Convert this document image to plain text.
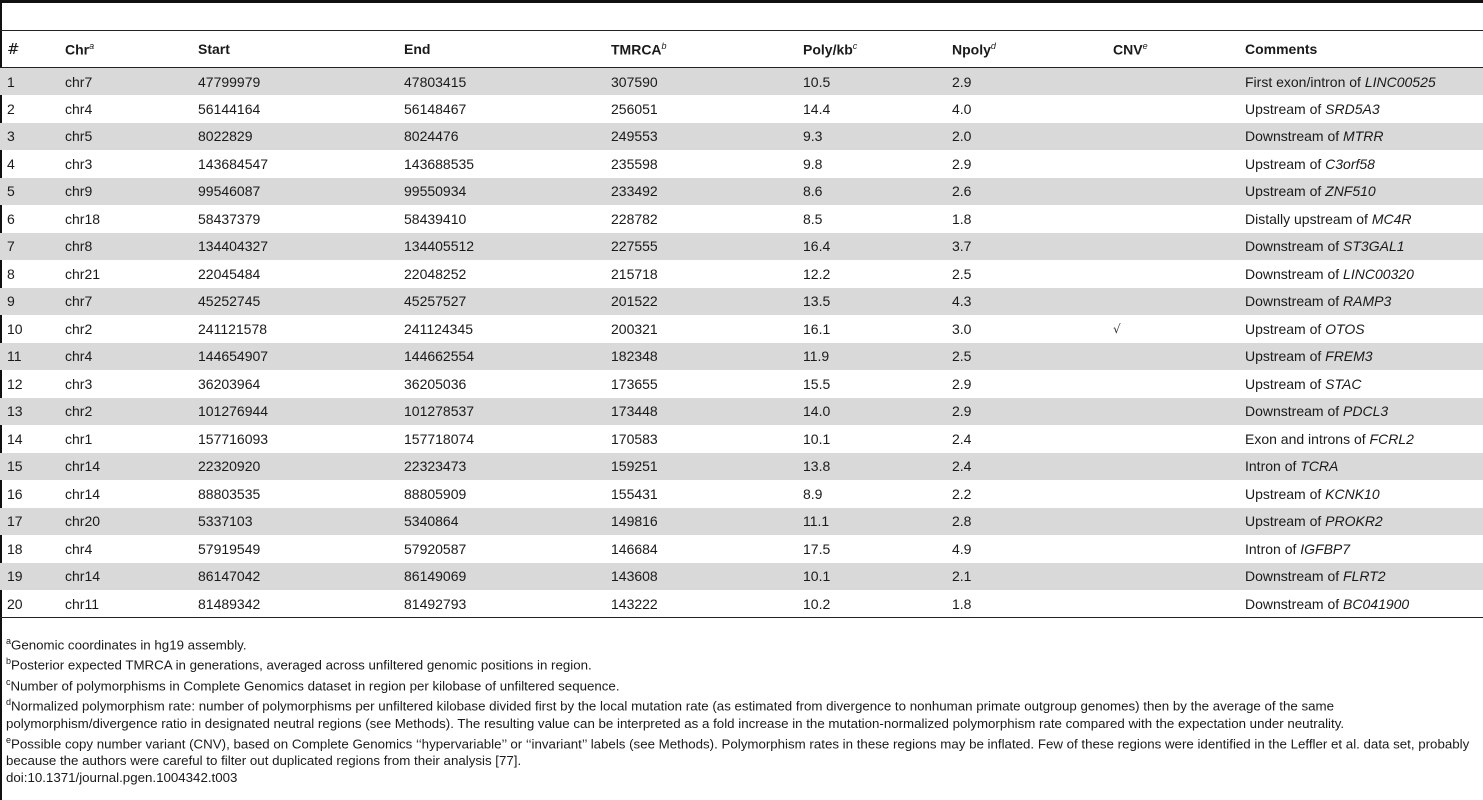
#	Chr$^a$	Start	End	TMRCA$^b$	Poly/$kb^c$	Npoly$^d$	CNV$^e$	Comments
1	chr7	47799979	47803415	307590	10.5	2.9		First exon/intron of LINC00525
2	chr4	56144164	56148467	256051	14.4	4.0		Upstream of SRD5A3
3	chr5	8022829	8024476	249553	9.3	2.0		Downstream of MTRR
4	chr3	143684547	143688535	235598	9.8	2.9		Upstream of C3orf58
5	chr9	99546087	99550934	233492	8.6	2.6		Upstream of ZNF510
6	chr18	58437379	58439410	228782	8.5	1.8		Distally upstream of MC4R
7	chr8	134404327	134405512	227555	16.4	3.7		Downstream of ST3GAL1
8	chr21	22045484	22048252	215718	12.2	2.5		Downstream of LINC00320
9	chr7	45252745	45257527	201522	13.5	4.3		Downstream of RAMP3
10	chr2	241121578	241124345	200321	16.1	3.0	√	Upstream of OTOS
11	chr4	144654907	144662554	182348	11.9	2.5		Upstream of FREM3
12	chr3	36203964	36205036	173655	15.5	2.9		Upstream of STAC
13	chr2	101276944	101278537	173448	14.0	2.9		Downstream of PDCL3
14	chr1	157716093	157718074	170583	10.1	2.4		Exon and introns of FCRL2
15	chr14	22320920	22323473	159251	13.8	2.4		Intron of TCRA
16	chr14	88803535	88805909	155431	8.9	2.2		Upstream of KCNK10
17	chr20	5337103	5340864	149816	11.1	2.8		Upstream of PROKR2
18	chr4	57919549	57920587	146684	17.5	4.9		Intron of IGFBP7
19	chr14	86147042	86149069	143608	10.1	2.1		Downstream of FLRT2
20	chr11	81489342	81492793	143222	10.2	1.8		Downstream of BC041900

$^a$Genomic coordinates in hg19 assembly.

$^b$Posterior expected TMRCA in generations, averaged across unfiltered genomic positions in region.

$^c$Number of polymorphisms in Complete Genomics dataset in region per kilobase of unfiltered sequence.

$^d$Normalized polymorphism rate: number of polymorphisms per unfiltered kilobase divided first by the local mutation rate (as estimated from divergence to nonhuman primate outgroup genomes) then by the average of the same polymorphism/divergence ratio in designated neutral regions (see Methods). The resulting value can be interpreted as a fold increase in the mutation-normalized polymorphism rate compared with the expectation under neutrality.

$^e$Possible copy number variant (CNV), based on Complete Genomics ‘‘hypervariable’’ or ‘‘invariant’’ labels (see Methods). Polymorphism rates in these regions may be inflated. Few of these regions were identified in the Leffler et al. data set, probably because the authors were careful to filter out duplicated regions from their analysis [77].

doi:10.1371/journal.pgen.1004342.t003
